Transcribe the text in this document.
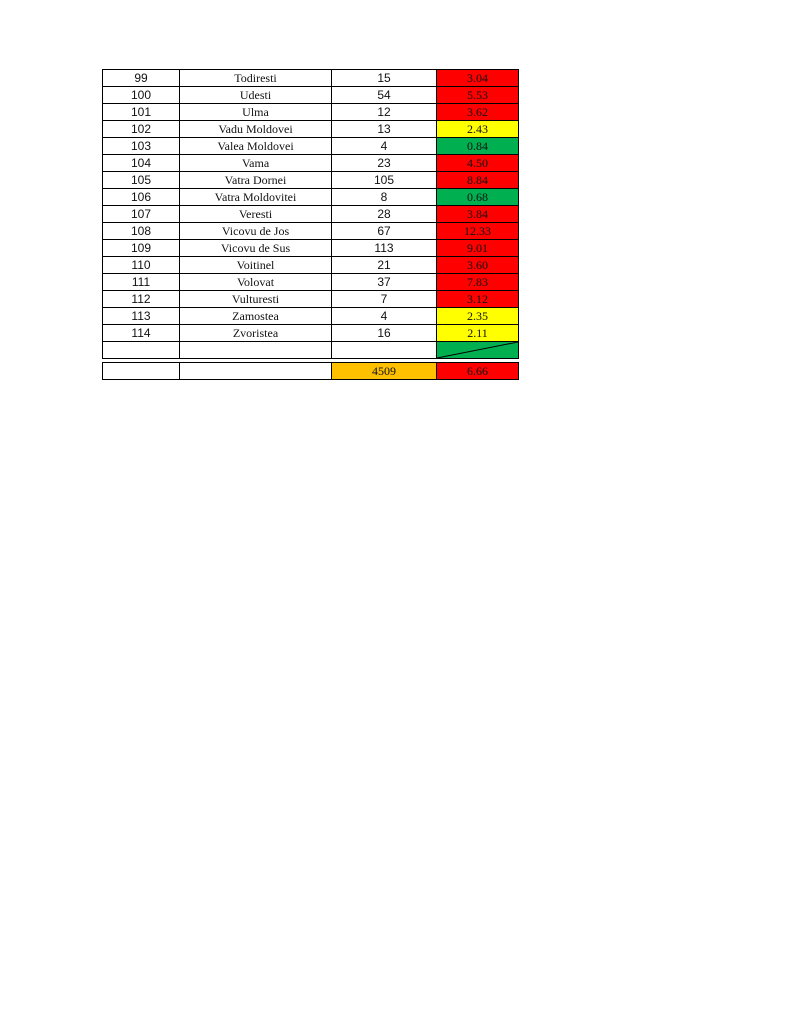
99	Todiresti	15	3.04
100	Udesti	54	5.53
101	Ulma	12	3.62
102	Vadu Moldovei	13	2.43
103	Valea Moldovei	4	0.84
104	Vama	23	4.50
105	Vatra Dornei	105	8.84
106	Vatra Moldovitei	8	0.68
107	Veresti	28	3.84
108	Vicovu de Jos	67	12.33
109	Vicovu de Sus	113	9.01
110	Voitinel	21	3.60
111	Volovat	37	7.83
112	Vulturesti	7	3.12
113	Zamostea	4	2.35
114	Zvoristea	16	2.11

		4509	6.66
